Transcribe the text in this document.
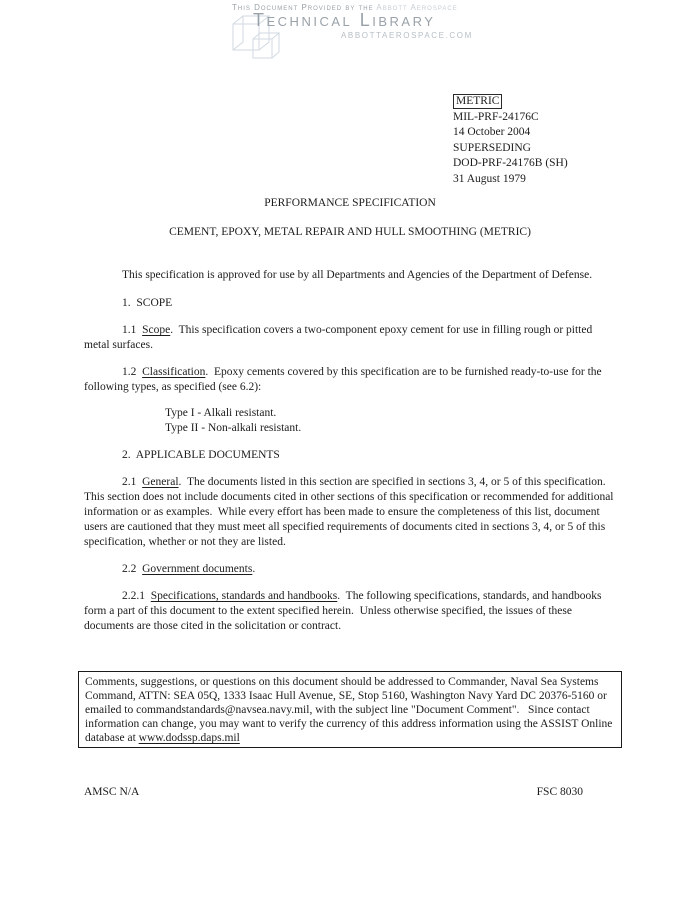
This Document Provided by the Abbott Aerospace
Technical Library
ABBOTTAEROSPACE.COM
METRIC
MIL-PRF-24176C
14 October 2004
SUPERSEDING
DOD-PRF-24176B (SH)
31 August 1979
PERFORMANCE SPECIFICATION
CEMENT, EPOXY, METAL REPAIR AND HULL SMOOTHING (METRIC)

This specification is approved for use by all Departments and Agencies of the Department of Defense.

1.  SCOPE

1.1  Scope.  This specification covers a two-component epoxy cement for use in filling rough or pitted metal surfaces.

1.2  Classification.  Epoxy cements covered by this specification are to be furnished ready-to-use for the following types, as specified (see 6.2):

Type I - Alkali resistant.
Type II - Non-alkali resistant.

2.  APPLICABLE DOCUMENTS

2.1  General.  The documents listed in this section are specified in sections 3, 4, or 5 of this specification.  This section does not include documents cited in other sections of this specification or recommended for additional information or as examples.  While every effort has been made to ensure the completeness of this list, document users are cautioned that they must meet all specified requirements of documents cited in sections 3, 4, or 5 of this specification, whether or not they are listed.

2.2  Government documents.

2.2.1  Specifications, standards and handbooks.  The following specifications, standards, and handbooks form a part of this document to the extent specified herein.  Unless otherwise specified, the issues of these documents are those cited in the solicitation or contract.

Comments, suggestions, or questions on this document should be addressed to Commander, Naval Sea Systems Command, ATTN: SEA 05Q, 1333 Isaac Hull Avenue, SE, Stop 5160, Washington Navy Yard DC 20376-5160 or emailed to commandstandards@navsea.navy.mil, with the subject line "Document Comment".   Since contact information can change, you may want to verify the currency of this address information using the ASSIST Online database at www.dodssp.daps.mil
AMSC N/A	FSC 8030
